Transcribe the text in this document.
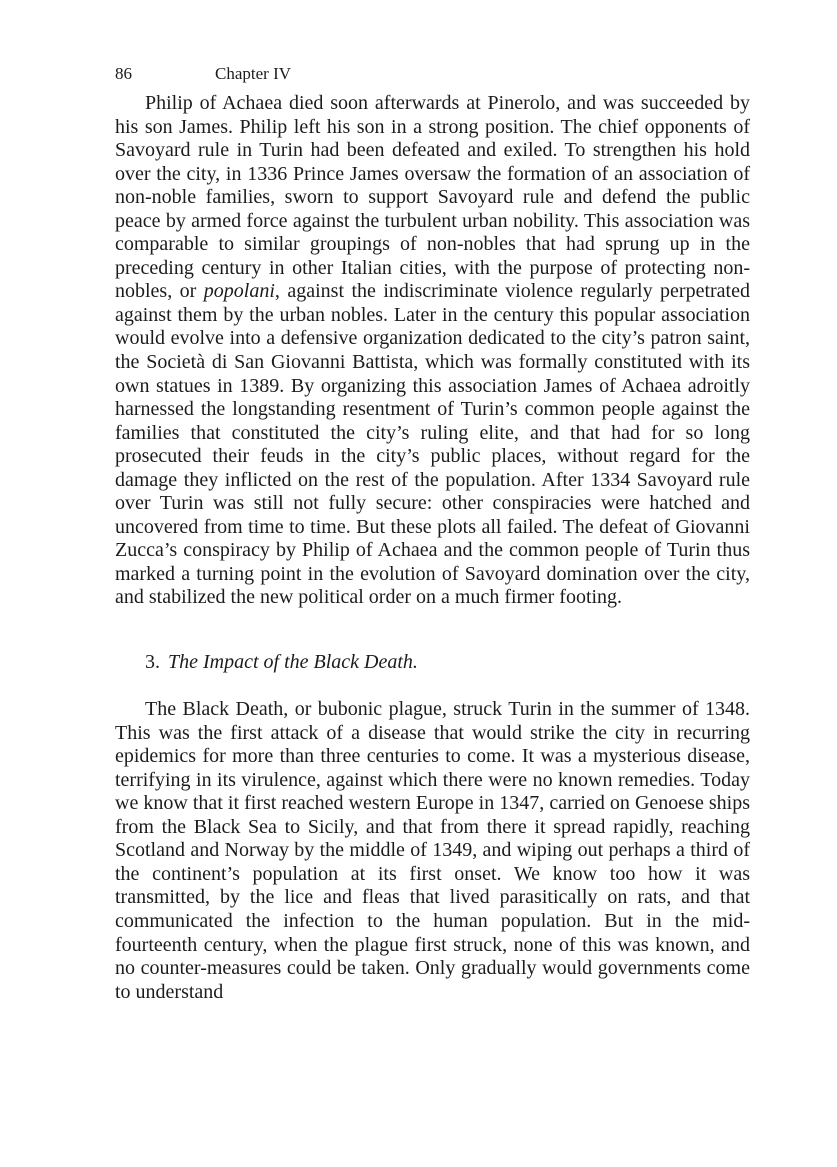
86	Chapter IV

Philip of Achaea died soon afterwards at Pinerolo, and was succeeded by his son James. Philip left his son in a strong position. The chief opponents of Savoyard rule in Turin had been defeated and exiled. To strengthen his hold over the city, in 1336 Prince James oversaw the formation of an association of non-noble families, sworn to support Savoyard rule and defend the public peace by armed force against the turbulent urban nobility. This association was comparable to similar groupings of non-nobles that had sprung up in the preceding century in other Italian cities, with the purpose of protecting non-nobles, or popolani, against the indiscriminate violence regularly perpetrated against them by the urban nobles. Later in the century this popular association would evolve into a defensive organization dedicated to the city’s patron saint, the Società di San Giovanni Battista, which was formally constituted with its own statues in 1389. By organizing this association James of Achaea adroitly harnessed the longstanding resentment of Turin’s common people against the families that constituted the city’s ruling elite, and that had for so long prosecuted their feuds in the city’s public places, without regard for the damage they inflicted on the rest of the population. After 1334 Savoyard rule over Turin was still not fully secure: other conspiracies were hatched and uncovered from time to time. But these plots all failed. The defeat of Giovanni Zucca’s conspiracy by Philip of Achaea and the common people of Turin thus marked a turning point in the evolution of Savoyard domination over the city, and stabilized the new political order on a much firmer footing.

3. The Impact of the Black Death.

The Black Death, or bubonic plague, struck Turin in the summer of 1348. This was the first attack of a disease that would strike the city in recurring epidemics for more than three centuries to come. It was a mysterious disease, terrifying in its virulence, against which there were no known remedies. Today we know that it first reached western Europe in 1347, carried on Genoese ships from the Black Sea to Sicily, and that from there it spread rapidly, reaching Scotland and Norway by the middle of 1349, and wiping out perhaps a third of the continent’s population at its first onset. We know too how it was transmitted, by the lice and fleas that lived parasitically on rats, and that communicated the infection to the human population. But in the mid-fourteenth century, when the plague first struck, none of this was known, and no counter-measures could be taken. Only gradually would governments come to understand
